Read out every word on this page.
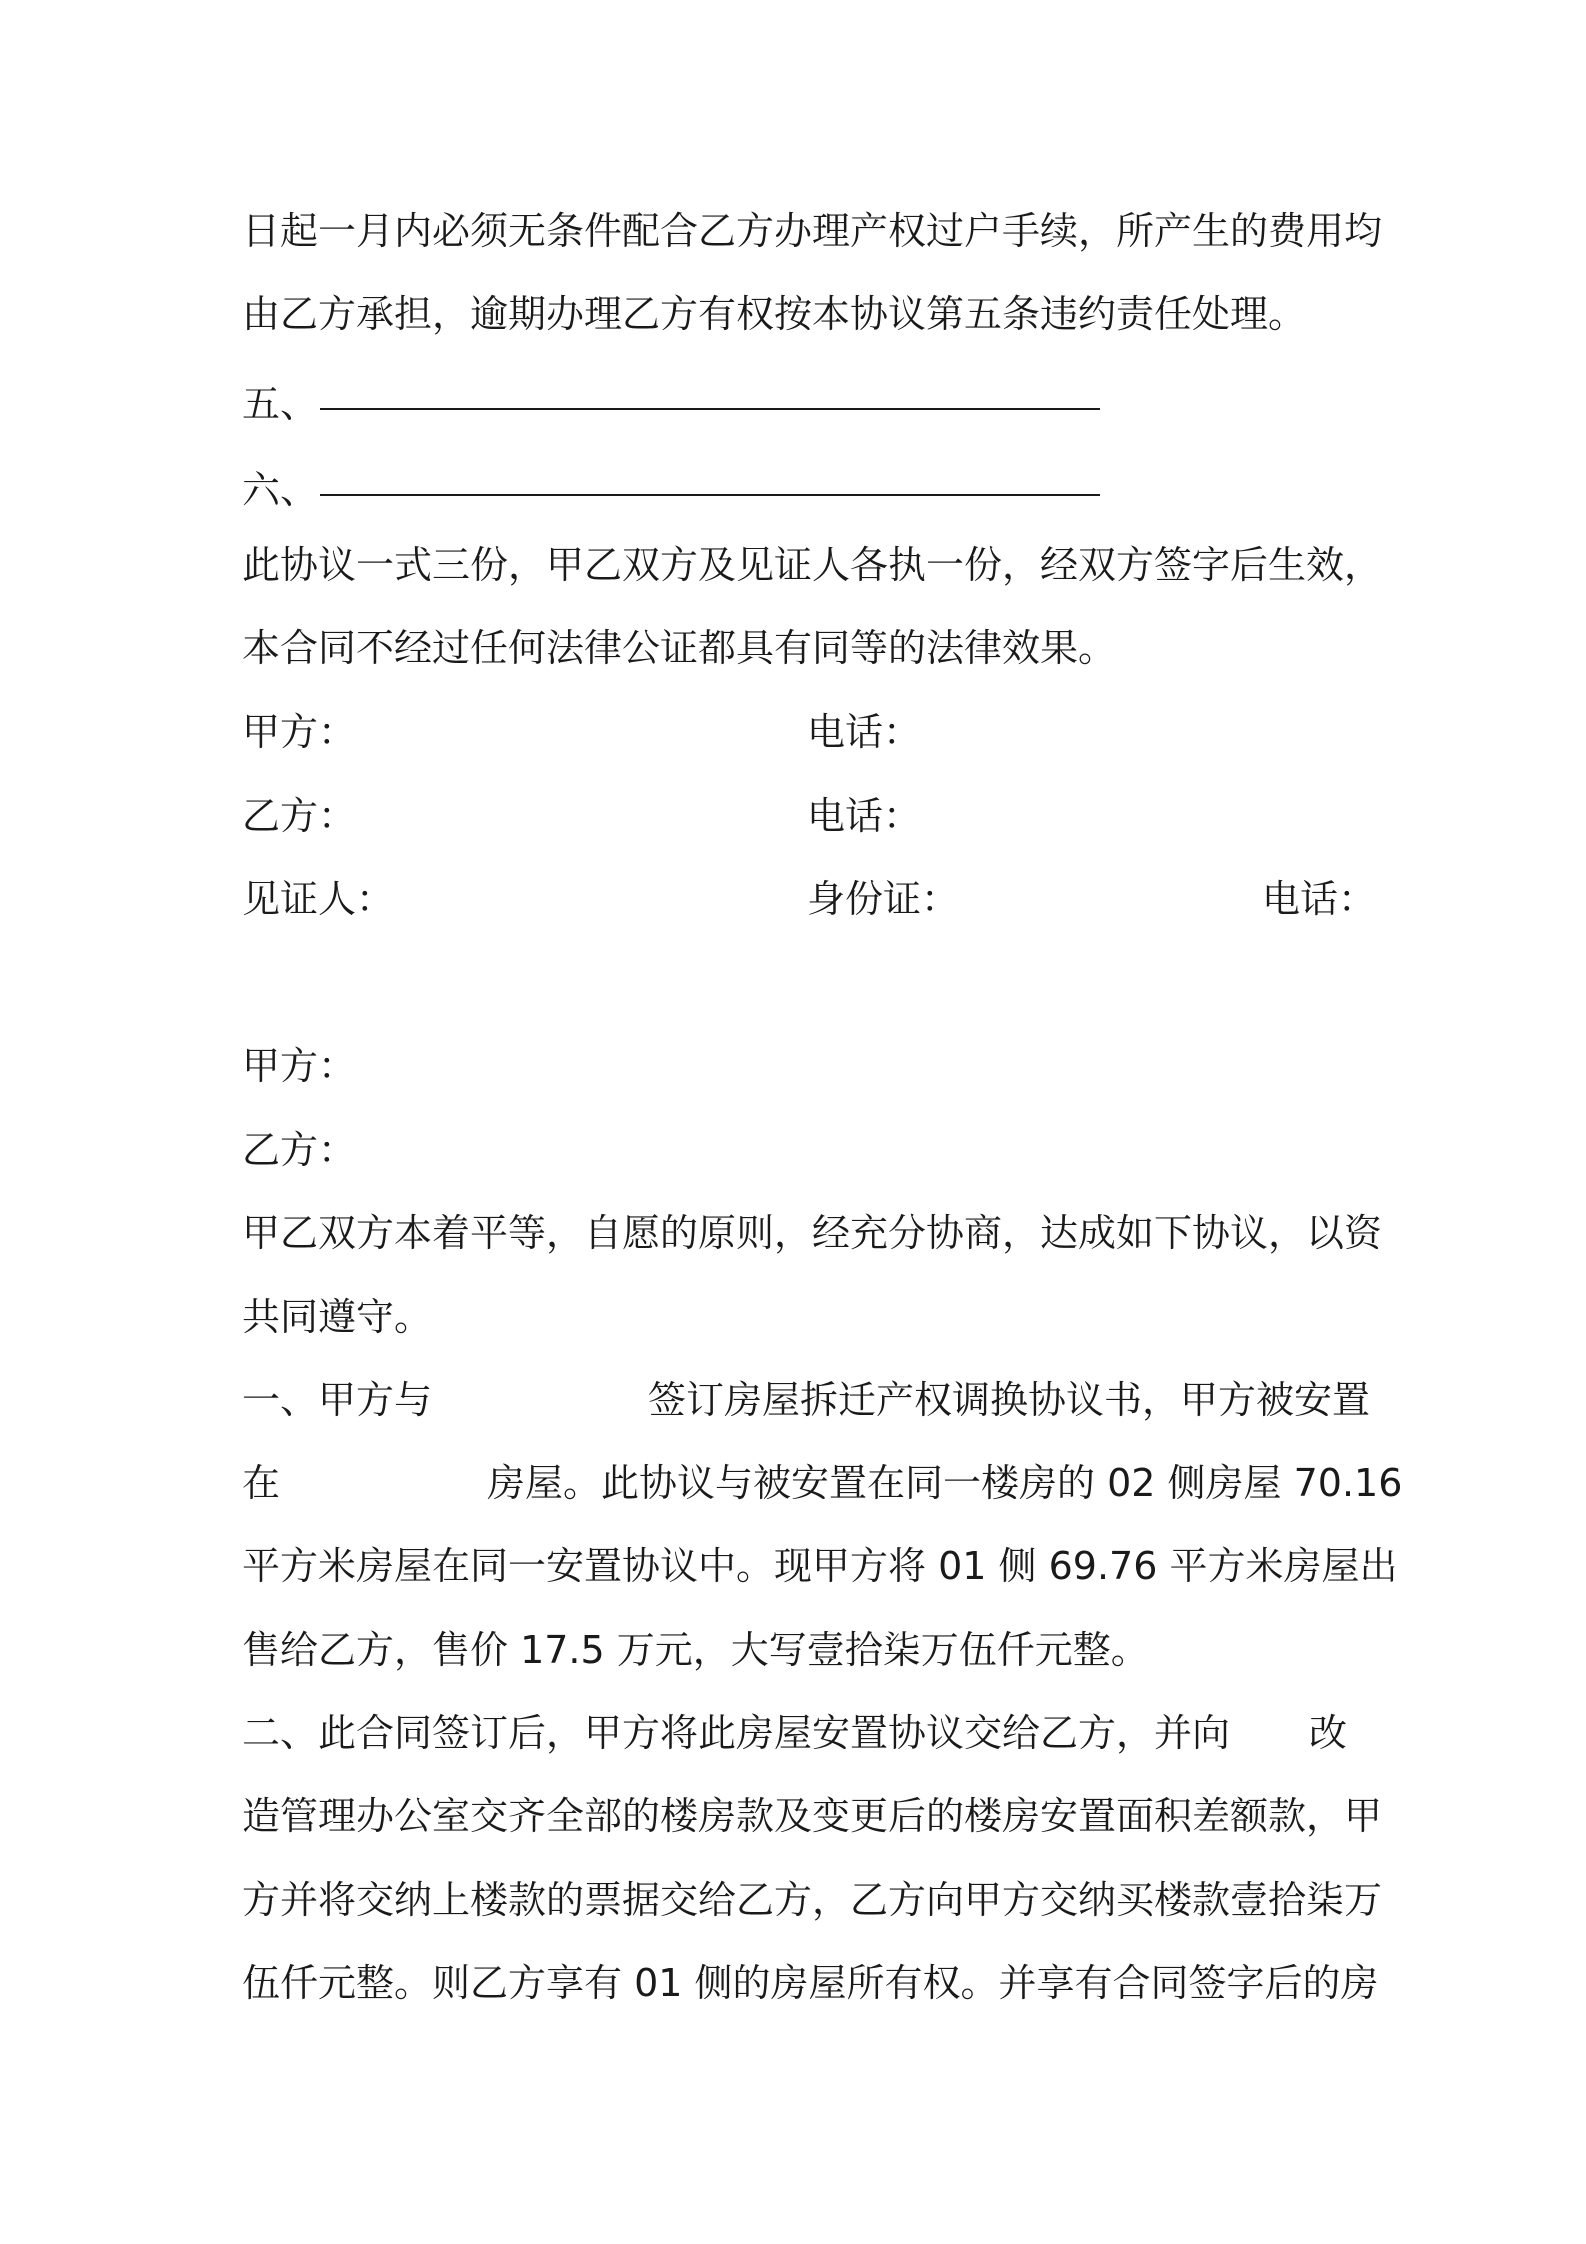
日起一月内必须无条件配合乙方办理产权过户手续，所产生的费用均
由乙方承担，逾期办理乙方有权按本协议第五条违约责任处理。
五、
六、
此协议一式三份，甲乙双方及见证人各执一份，经双方签字后生效，
本合同不经过任何法律公证都具有同等的法律效果。
甲方：	电话：
乙方：	电话：
见证人：	身份证：	电话：
甲方：
乙方：
甲乙双方本着平等，自愿的原则，经充分协商，达成如下协议，以资
共同遵守。
一、甲方与	签订房屋拆迁产权调换协议书，甲方被安置
在	房屋。此协议与被安置在同一楼房的 02 侧房屋 70.16
平方米房屋在同一安置协议中。现甲方将 01 侧 69.76 平方米房屋出
售给乙方，售价 17.5 万元，大写壹拾柒万伍仟元整。
二、此合同签订后，甲方将此房屋安置协议交给乙方，并向 改
造管理办公室交齐全部的楼房款及变更后的楼房安置面积差额款，甲
方并将交纳上楼款的票据交给乙方，乙方向甲方交纳买楼款壹拾柒万
伍仟元整。则乙方享有 01 侧的房屋所有权。并享有合同签字后的房
